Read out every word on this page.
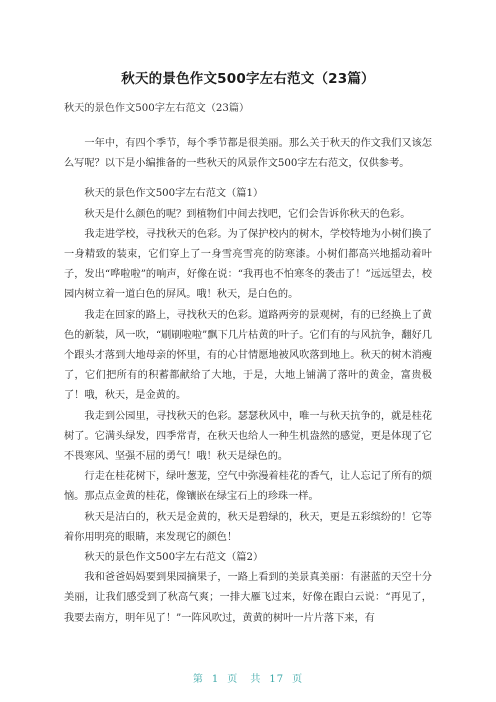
秋天的景色作文500字左右范文（23篇）
秋天的景色作文500字左右范文（23篇）

一年中，有四个季节，每个季节都是很美丽。那么关于秋天的作文我们又该怎么写呢？以下是小编推备的一些秋天的风景作文500字左右范文，仅供参考。

秋天的景色作文500字左右范文（篇1）

秋天是什么颜色的呢？到植物们中间去找吧，它们会告诉你秋天的色彩。

我走进学校，寻找秋天的色彩。为了保护校内的树木，学校特地为小树们换了一身精致的装束，它们穿上了一身雪亮雪亮的防寒漆。小树们都高兴地摇动着叶子，发出“哗啦啦”的响声，好像在说：“我再也不怕寒冬的袭击了！”远远望去，校园内树立着一道白色的屏风。哦！秋天，是白色的。

我走在回家的路上，寻找秋天的色彩。道路两旁的景观树，有的已经换上了黄色的新装，风一吹，“刷刷啦啦”飘下几片枯黄的叶子。它们有的与风抗争，翻好几个跟头才落到大地母亲的怀里，有的心甘情愿地被风吹落到地上。秋天的树木消瘦了，它们把所有的积蓄都献给了大地，于是，大地上铺满了落叶的黄金，富贵极了！哦，秋天，是金黄的。

我走到公园里，寻找秋天的色彩。瑟瑟秋风中，唯一与秋天抗争的，就是桂花树了。它满头绿发，四季常青，在秋天也给人一种生机盎然的感觉，更是体现了它不畏寒风、坚强不屈的勇气！哦！秋天是绿色的。

行走在桂花树下，绿叶葱茏，空气中弥漫着桂花的香气，让人忘记了所有的烦恼。那点点金黄的桂花，像镶嵌在绿宝石上的珍珠一样。

秋天是洁白的，秋天是金黄的，秋天是碧绿的，秋天，更是五彩缤纷的！它等着你用明亮的眼睛，来发现它的颜色！

秋天的景色作文500字左右范文（篇2）

我和爸爸妈妈要到果园摘果子，一路上看到的美景真美丽：有湛蓝的天空十分美丽，让我们感受到了秋高气爽；一排大雁飞过来，好像在跟白云说：“再见了，我要去南方，明年见了！”一阵风吹过，黄黄的树叶一片片落下来，有

第 1 页 共 17 页
